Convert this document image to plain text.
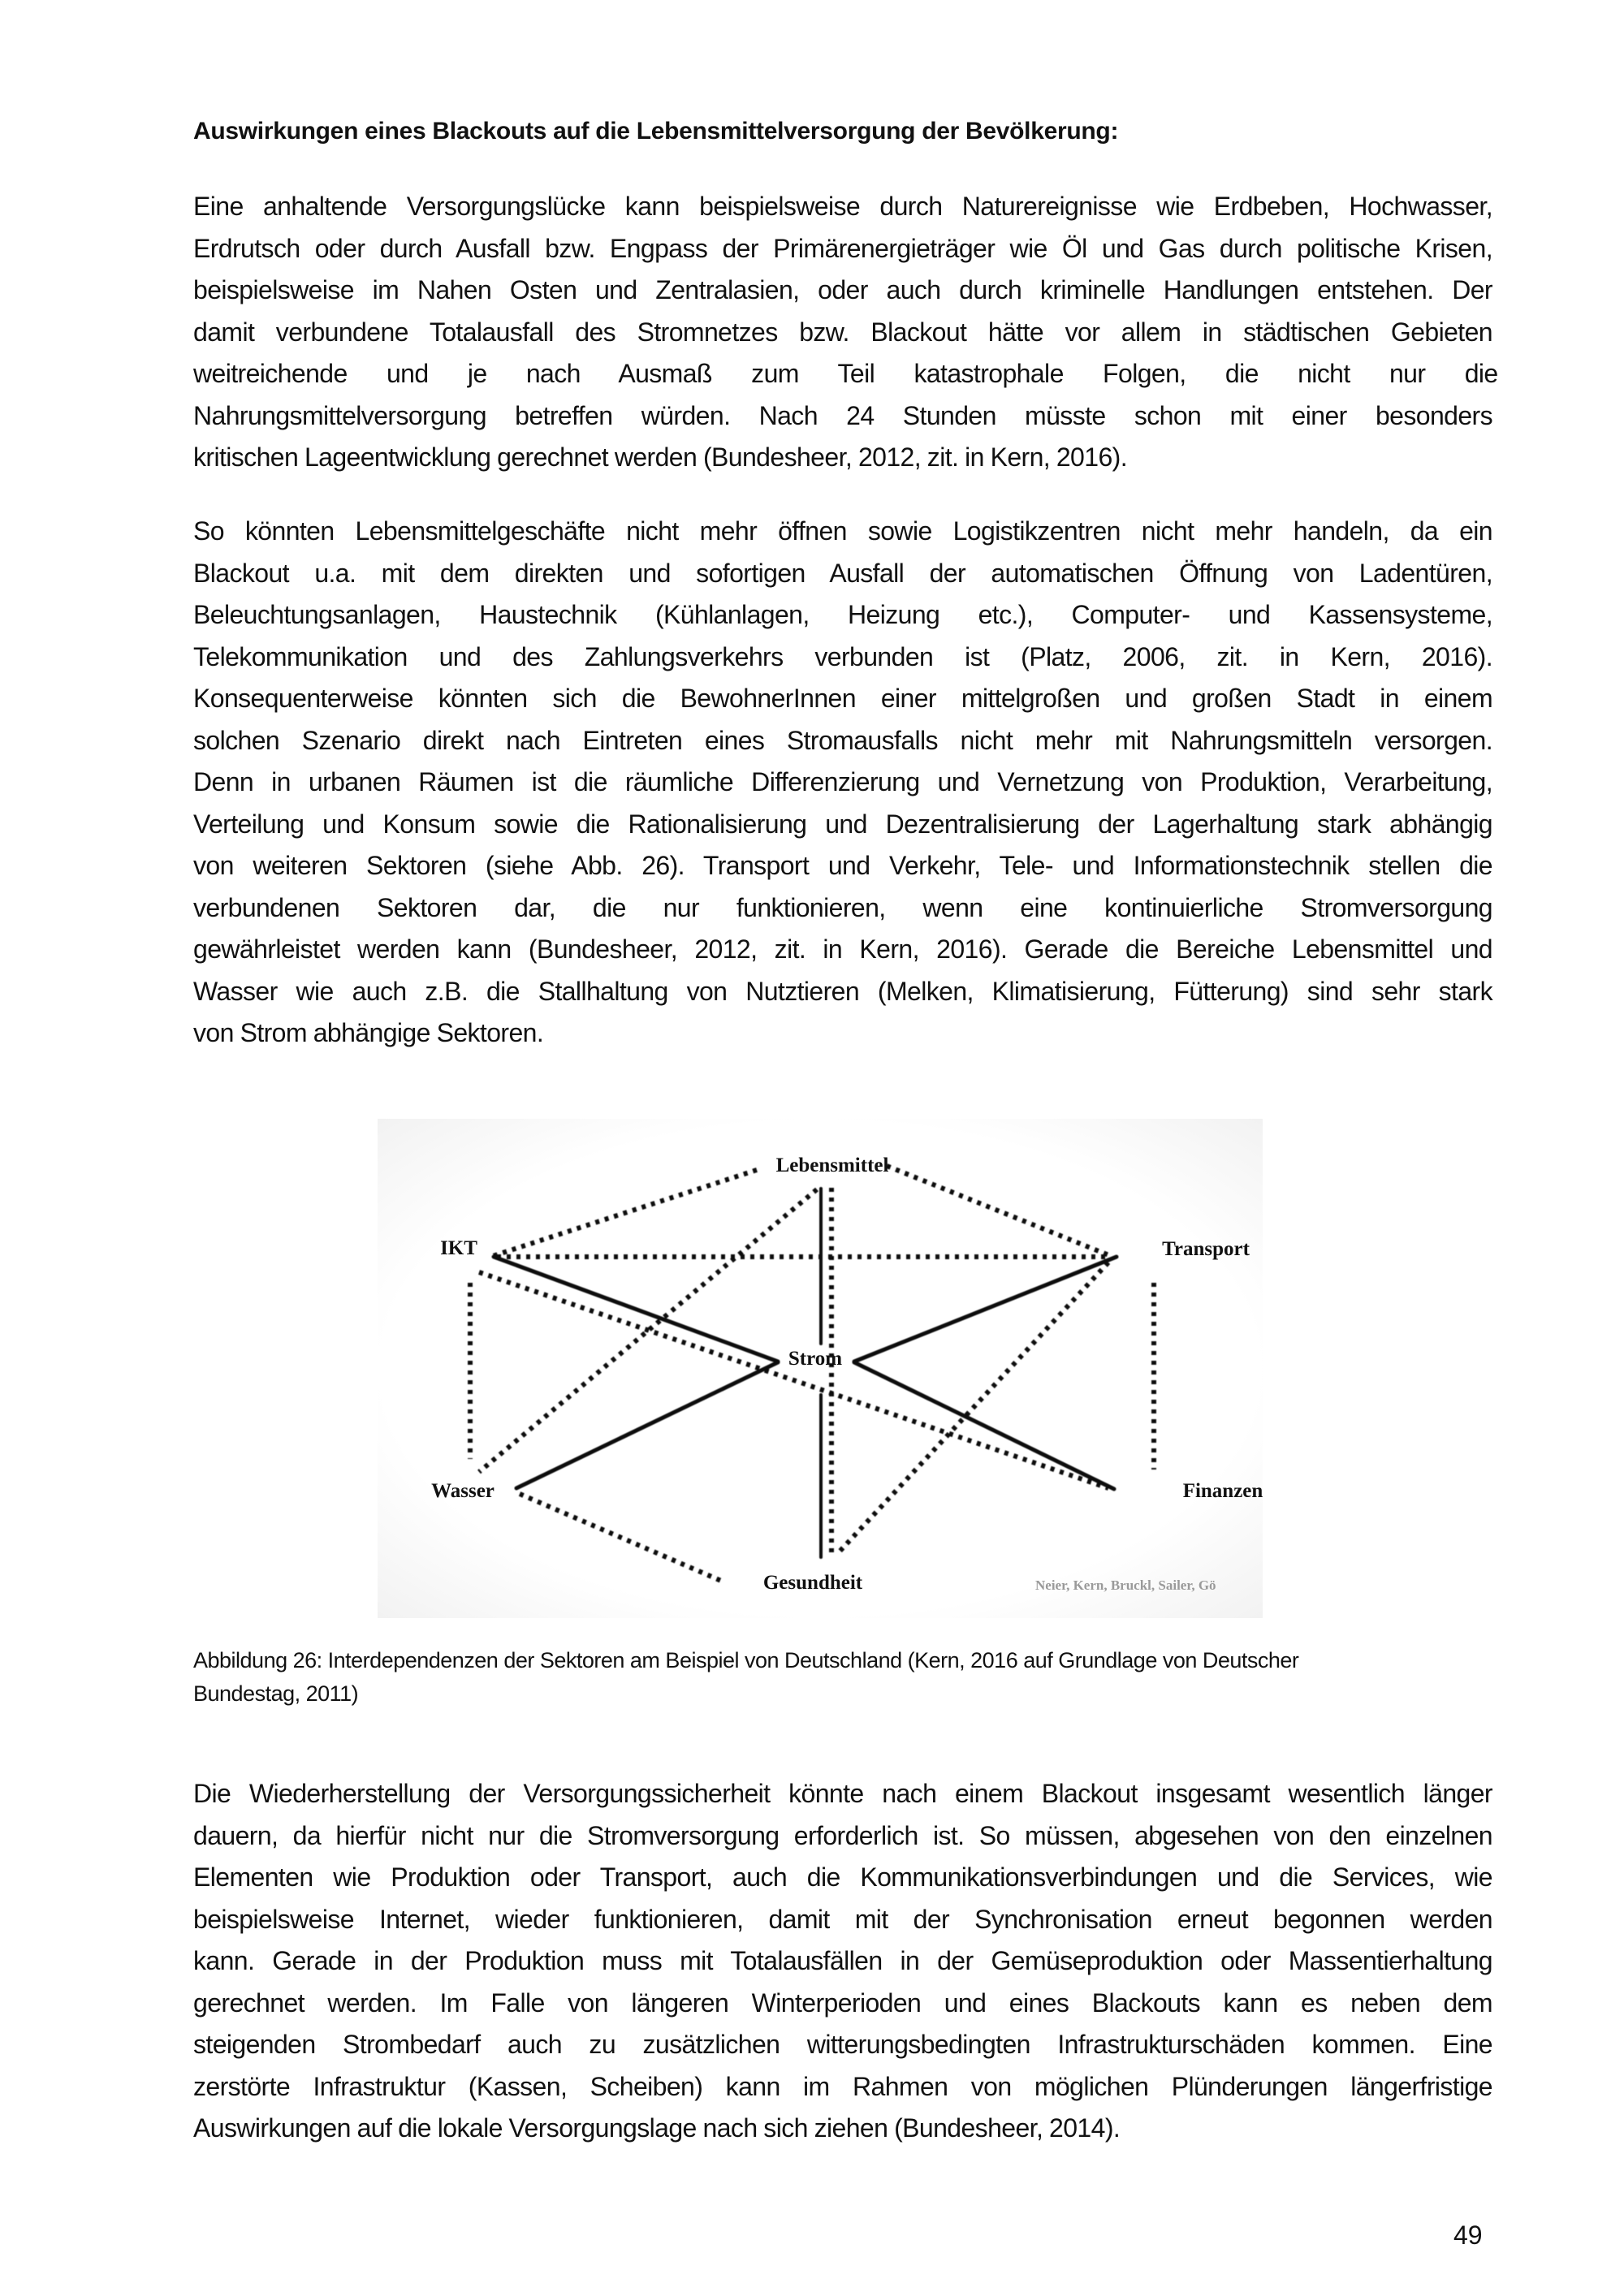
Auswirkungen eines Blackouts auf die Lebensmittelversorgung der Bevölkerung:
Eine anhaltende Versorgungslücke kann beispielsweise durch Naturereignisse wie Erdbeben, Hochwasser,
Erdrutsch oder durch Ausfall bzw. Engpass der Primärenergieträger wie Öl und Gas durch politische Krisen,
beispielsweise im Nahen Osten und Zentralasien, oder auch durch kriminelle Handlungen entstehen. Der
damit verbundene Totalausfall des Stromnetzes bzw. Blackout hätte vor allem in städtischen Gebieten
weitreichende und je nach Ausmaß zum Teil katastrophale Folgen, die nicht nur die
Nahrungsmittelversorgung betreffen würden. Nach 24 Stunden müsste schon mit einer besonders
kritischen Lageentwicklung gerechnet werden (Bundesheer, 2012, zit. in Kern, 2016).
So könnten Lebensmittelgeschäfte nicht mehr öffnen sowie Logistikzentren nicht mehr handeln, da ein
Blackout u.a. mit dem direkten und sofortigen Ausfall der automatischen Öffnung von Ladentüren,
Beleuchtungsanlagen, Haustechnik (Kühlanlagen, Heizung etc.), Computer- und Kassensysteme,
Telekommunikation und des Zahlungsverkehrs verbunden ist (Platz, 2006, zit. in Kern, 2016).
Konsequenterweise könnten sich die BewohnerInnen einer mittelgroßen und großen Stadt in einem
solchen Szenario direkt nach Eintreten eines Stromausfalls nicht mehr mit Nahrungsmitteln versorgen.
Denn in urbanen Räumen ist die räumliche Differenzierung und Vernetzung von Produktion, Verarbeitung,
Verteilung und Konsum sowie die Rationalisierung und Dezentralisierung der Lagerhaltung stark abhängig
von weiteren Sektoren (siehe Abb. 26). Transport und Verkehr, Tele- und Informationstechnik stellen die
verbundenen Sektoren dar, die nur funktionieren, wenn eine kontinuierliche Stromversorgung
gewährleistet werden kann (Bundesheer, 2012, zit. in Kern, 2016). Gerade die Bereiche Lebensmittel und
Wasser wie auch z.B. die Stallhaltung von Nutztieren (Melken, Klimatisierung, Fütterung) sind sehr stark
von Strom abhängige Sektoren.
Lebensmittel
IKT	Transport
Strom
Wasser	Finanzen
Gesundheit	Neier, Kern, Bruckl, Sailer, Gö
Abbildung 26: Interdependenzen der Sektoren am Beispiel von Deutschland (Kern, 2016 auf Grundlage von Deutscher
Bundestag, 2011)
Die Wiederherstellung der Versorgungssicherheit könnte nach einem Blackout insgesamt wesentlich länger
dauern, da hierfür nicht nur die Stromversorgung erforderlich ist. So müssen, abgesehen von den einzelnen
Elementen wie Produktion oder Transport, auch die Kommunikationsverbindungen und die Services, wie
beispielsweise Internet, wieder funktionieren, damit mit der Synchronisation erneut begonnen werden
kann. Gerade in der Produktion muss mit Totalausfällen in der Gemüseproduktion oder Massentierhaltung
gerechnet werden. Im Falle von längeren Winterperioden und eines Blackouts kann es neben dem
steigenden Strombedarf auch zu zusätzlichen witterungsbedingten Infrastrukturschäden kommen. Eine
zerstörte Infrastruktur (Kassen, Scheiben) kann im Rahmen von möglichen Plünderungen längerfristige
Auswirkungen auf die lokale Versorgungslage nach sich ziehen (Bundesheer, 2014).
49
